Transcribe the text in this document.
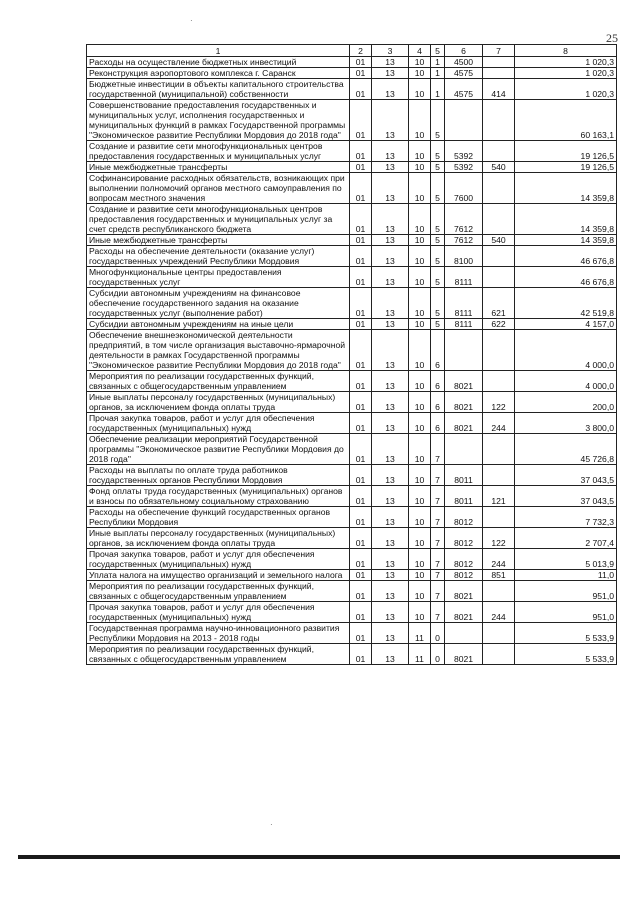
25
·
·
1	2	3	4	5	6	7	8
Расходы на осуществление бюджетных инвестиций	01	13	10	1	4500		1 020,3
Реконструкция аэропортового комплекса г. Саранск	01	13	10	1	4575		1 020,3
Бюджетные инвестиции в объекты капитального строительства государственной (муниципальной) собственности	01	13	10	1	4575	414	1 020,3
Совершенствование предоставления государственных и муниципальных услуг, исполнения государственных и муниципальных функций в рамках Государственной программы "Экономическое развитие Республики Мордовия до 2018 года"	01	13	10	5			60 163,1
Создание и развитие сети многофункциональных центров предоставления государственных и муниципальных услуг	01	13	10	5	5392		19 126,5
Иные межбюджетные трансферты	01	13	10	5	5392	540	19 126,5
Софинансирование расходных обязательств, возникающих при выполнении полномочий органов местного самоуправления по вопросам местного значения	01	13	10	5	7600		14 359,8
Создание и развитие сети многофункциональных центров предоставления государственных и муниципальных услуг за счет средств республиканского бюджета	01	13	10	5	7612		14 359,8
Иные межбюджетные трансферты	01	13	10	5	7612	540	14 359,8
Расходы на обеспечение деятельности (оказание услуг) государственных учреждений Республики Мордовия	01	13	10	5	8100		46 676,8
Многофункциональные центры предоставления государственных услуг	01	13	10	5	8111		46 676,8
Субсидии автономным учреждениям на финансовое обеспечение государственного задания на оказание государственных услуг (выполнение работ)	01	13	10	5	8111	621	42 519,8
Субсидии автономным учреждениям на иные цели	01	13	10	5	8111	622	4 157,0
Обеспечение внешнеэкономической деятельности предприятий, в том числе организация выставочно-ярмарочной деятельности в рамках Государственной программы "Экономическое развитие Республики Мордовия до 2018 года"	01	13	10	6			4 000,0
Мероприятия по реализации государственных функций, связанных с общегосударственным управлением	01	13	10	6	8021		4 000,0
Иные выплаты персоналу государственных (муниципальных) органов, за исключением фонда оплаты труда	01	13	10	6	8021	122	200,0
Прочая закупка товаров, работ и услуг для обеспечения государственных (муниципальных) нужд	01	13	10	6	8021	244	3 800,0
Обеспечение реализации мероприятий Государственной программы "Экономическое развитие Республики Мордовия до 2018 года"	01	13	10	7			45 726,8
Расходы на выплаты по оплате труда работников государственных органов Республики Мордовия	01	13	10	7	8011		37 043,5
Фонд оплаты труда государственных (муниципальных) органов и взносы по обязательному социальному страхованию	01	13	10	7	8011	121	37 043,5
Расходы на обеспечение функций государственных органов Республики Мордовия	01	13	10	7	8012		7 732,3
Иные выплаты персоналу государственных (муниципальных) органов, за исключением фонда оплаты труда	01	13	10	7	8012	122	2 707,4
Прочая закупка товаров, работ и услуг для обеспечения государственных (муниципальных) нужд	01	13	10	7	8012	244	5 013,9
Уплата налога на имущество организаций и земельного налога	01	13	10	7	8012	851	11,0
Мероприятия по реализации государственных функций, связанных с общегосударственным управлением	01	13	10	7	8021		951,0
Прочая закупка товаров, работ и услуг для обеспечения государственных (муниципальных) нужд	01	13	10	7	8021	244	951,0
Государственная программа научно-инновационного развития Республики Мордовия на 2013 - 2018 годы	01	13	11	0			5 533,9
Мероприятия по реализации государственных функций, связанных с общегосударственным управлением	01	13	11	0	8021		5 533,9
